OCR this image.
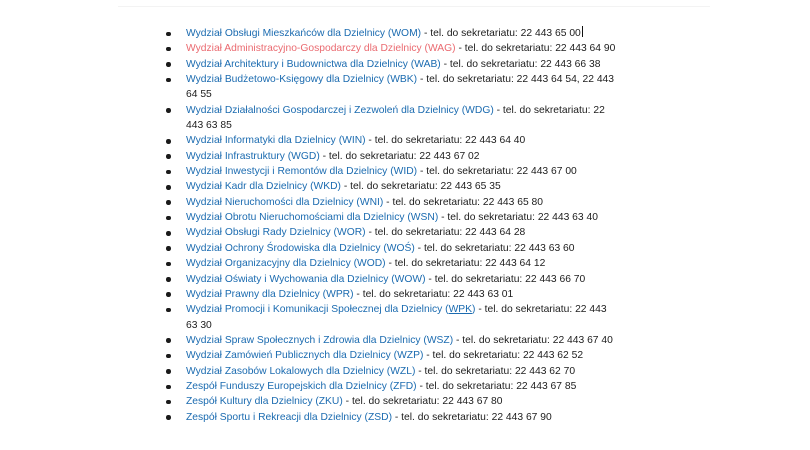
Wydział Obsługi Mieszkańców dla Dzielnicy (WOM) - tel. do sekretariatu: 22 443 65 00
Wydział Administracyjno-Gospodarczy dla Dzielnicy (WAG) - tel. do sekretariatu: 22 443 64 90
Wydział Architektury i Budownictwa dla Dzielnicy (WAB) - tel. do sekretariatu: 22 443 66 38
Wydział Budżetowo-Księgowy dla Dzielnicy (WBK) - tel. do sekretariatu: 22 443 64 54, 22 443 64 55
Wydział Działalności Gospodarczej i Zezwoleń dla Dzielnicy (WDG) - tel. do sekretariatu: 22 443 63 85
Wydział Informatyki dla Dzielnicy (WIN) - tel. do sekretariatu: 22 443 64 40
Wydział Infrastruktury (WGD) - tel. do sekretariatu: 22 443 67 02
Wydział Inwestycji i Remontów dla Dzielnicy (WID) - tel. do sekretariatu: 22 443 67 00
Wydział Kadr dla Dzielnicy (WKD) - tel. do sekretariatu: 22 443 65 35
Wydział Nieruchomości dla Dzielnicy (WNI) - tel. do sekretariatu: 22 443 65 80
Wydział Obrotu Nieruchomościami dla Dzielnicy (WSN) - tel. do sekretariatu: 22 443 63 40
Wydział Obsługi Rady Dzielnicy (WOR) - tel. do sekretariatu: 22 443 64 28
Wydział Ochrony Środowiska dla Dzielnicy (WOŚ) - tel. do sekretariatu: 22 443 63 60
Wydział Organizacyjny dla Dzielnicy (WOD) - tel. do sekretariatu: 22 443 64 12
Wydział Oświaty i Wychowania dla Dzielnicy (WOW) - tel. do sekretariatu: 22 443 66 70
Wydział Prawny dla Dzielnicy (WPR) - tel. do sekretariatu: 22 443 63 01
Wydział Promocji i Komunikacji Społecznej dla Dzielnicy (WPK) - tel. do sekretariatu: 22 443 63 30
Wydział Spraw Społecznych i Zdrowia dla Dzielnicy (WSZ) - tel. do sekretariatu: 22 443 67 40
Wydział Zamówień Publicznych dla Dzielnicy (WZP) - tel. do sekretariatu: 22 443 62 52
Wydział Zasobów Lokalowych dla Dzielnicy (WZL) - tel. do sekretariatu: 22 443 62 70
Zespół Funduszy Europejskich dla Dzielnicy (ZFD) - tel. do sekretariatu: 22 443 67 85
Zespół Kultury dla Dzielnicy (ZKU) - tel. do sekretariatu: 22 443 67 80
Zespół Sportu i Rekreacji dla Dzielnicy (ZSD) - tel. do sekretariatu: 22 443 67 90
